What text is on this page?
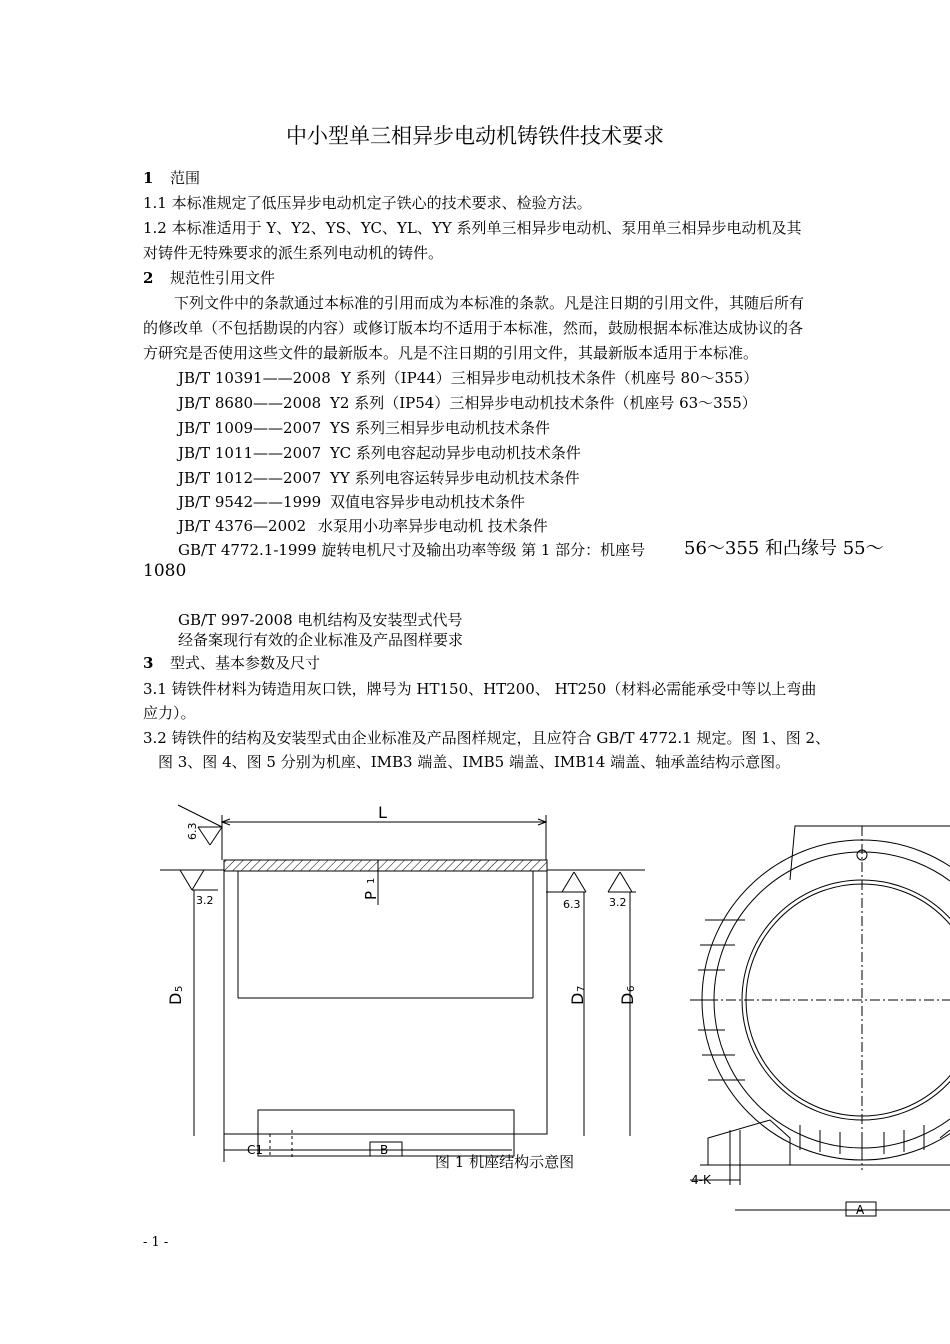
中小型单三相异步电动机铸铁件技术要求
1 范围
1.1 本标准规定了低压异步电动机定子铁心的技术要求、检验方法。
1.2 本标准适用于 Y、Y2、YS、YC、YL、YY 系列单三相异步电动机、泵用单三相异步电动机及其
对铸件无特殊要求的派生系列电动机的铸件。
2 规范性引用文件
下列文件中的条款通过本标准的引用而成为本标准的条款。凡是注日期的引用文件，其随后所有
的修改单（不包括勘误的内容）或修订版本均不适用于本标准，然而，鼓励根据本标准达成协议的各
方研究是否使用这些文件的最新版本。凡是不注日期的引用文件，其最新版本适用于本标准。
JB/T 10391——2008 Y 系列（IP44）三相异步电动机技术条件（机座号 80～355）
JB/T 8680——2008 Y2 系列（IP54）三相异步电动机技术条件（机座号 63～355）
JB/T 1009——2007 YS 系列三相异步电动机技术条件
JB/T 1011——2007 YC 系列电容起动异步电动机技术条件
JB/T 1012——2007 YY 系列电容运转异步电动机技术条件
JB/T 9542——1999 双值电容异步电动机技术条件
JB/T 4376—2002 水泵用小功率异步电动机 技术条件
GB/T 4772.1-1999 旋转电机尺寸及输出功率等级 第 1 部分：机座号 56～355 和凸缘号 55～
1080
GB/T 997-2008 电机结构及安装型式代号
经备案现行有效的企业标准及产品图样要求
3 型式、基本参数及尺寸
3.1 铸铁件材料为铸造用灰口铁，牌号为 HT150、HT200、 HT250（材料必需能承受中等以上弯曲
应力）。
3.2 铸铁件的结构及安装型式由企业标准及产品图样规定，且应符合 GB/T 4772.1 规定。图 1、图 2、
图 3、图 4、图 5 分别为机座、IMB3 端盖、IMB5 端盖、IMB14 端盖、轴承盖结构示意图。
L
6.3
3.2	P
1
6.3	3.2
D
5
D
7
D
6
C1	B
4-K
A
图 1 机座结构示意图
- 1 -
